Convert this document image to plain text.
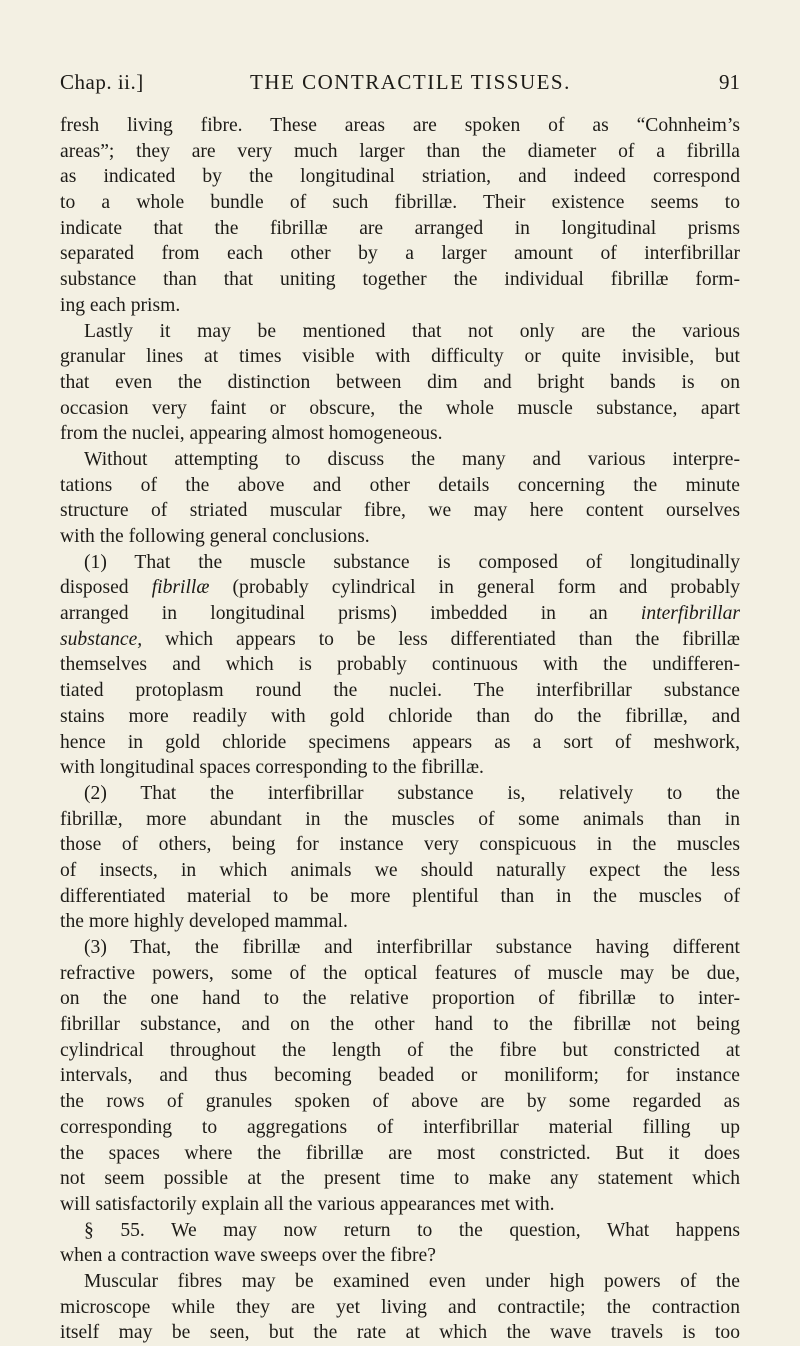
Chap. ii.]	THE CONTRACTILE TISSUES.	91
fresh living fibre. These areas are spoken of as “Cohnheim’s
areas”; they are very much larger than the diameter of a fibrilla
as indicated by the longitudinal striation, and indeed correspond
to a whole bundle of such fibrillæ. Their existence seems to
indicate that the fibrillæ are arranged in longitudinal prisms
separated from each other by a larger amount of interfibrillar
substance than that uniting together the individual fibrillæ form-
ing each prism.
Lastly it may be mentioned that not only are the various
granular lines at times visible with difficulty or quite invisible, but
that even the distinction between dim and bright bands is on
occasion very faint or obscure, the whole muscle substance, apart
from the nuclei, appearing almost homogeneous.
Without attempting to discuss the many and various interpre-
tations of the above and other details concerning the minute
structure of striated muscular fibre, we may here content ourselves
with the following general conclusions.
(1) That the muscle substance is composed of longitudinally
disposed fibrillæ (probably cylindrical in general form and probably
arranged in longitudinal prisms) imbedded in an interfibrillar
substance, which appears to be less differentiated than the fibrillæ
themselves and which is probably continuous with the undifferen-
tiated protoplasm round the nuclei. The interfibrillar substance
stains more readily with gold chloride than do the fibrillæ, and
hence in gold chloride specimens appears as a sort of meshwork,
with longitudinal spaces corresponding to the fibrillæ.
(2) That the interfibrillar substance is, relatively to the
fibrillæ, more abundant in the muscles of some animals than in
those of others, being for instance very conspicuous in the muscles
of insects, in which animals we should naturally expect the less
differentiated material to be more plentiful than in the muscles of
the more highly developed mammal.
(3) That, the fibrillæ and interfibrillar substance having different
refractive powers, some of the optical features of muscle may be due,
on the one hand to the relative proportion of fibrillæ to inter-
fibrillar substance, and on the other hand to the fibrillæ not being
cylindrical throughout the length of the fibre but constricted at
intervals, and thus becoming beaded or moniliform; for instance
the rows of granules spoken of above are by some regarded as
corresponding to aggregations of interfibrillar material filling up
the spaces where the fibrillæ are most constricted. But it does
not seem possible at the present time to make any statement which
will satisfactorily explain all the various appearances met with.
§ 55. We may now return to the question, What happens
when a contraction wave sweeps over the fibre?
Muscular fibres may be examined even under high powers of the
microscope while they are yet living and contractile; the contraction
itself may be seen, but the rate at which the wave travels is too
